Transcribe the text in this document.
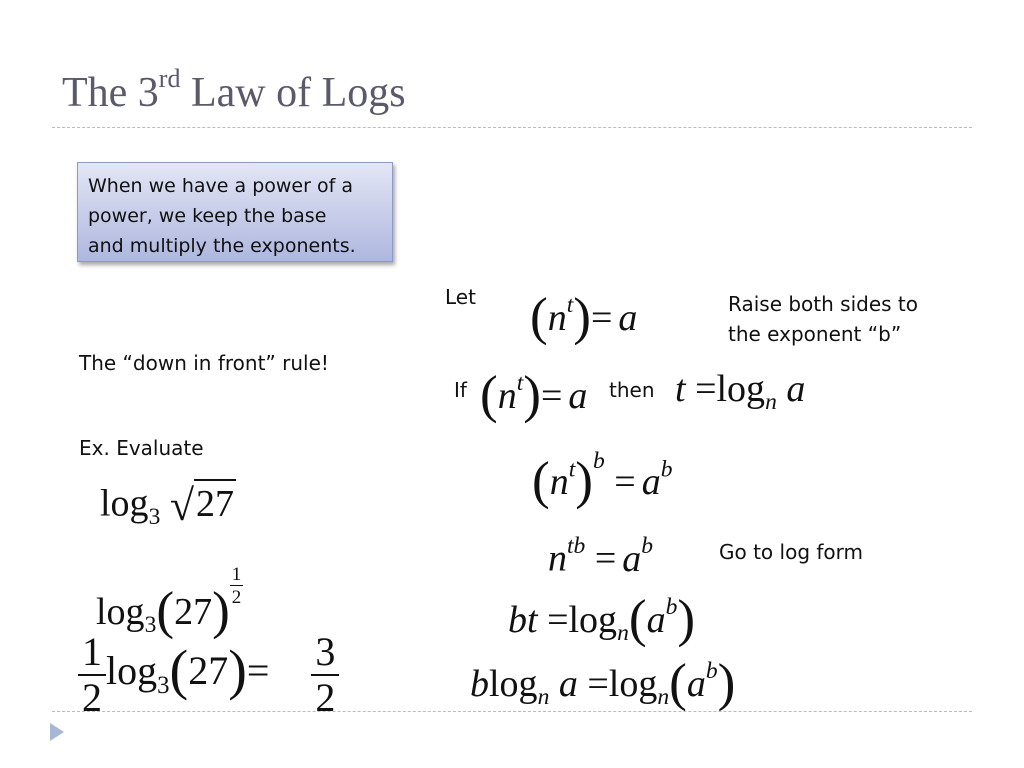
The 3rd Law of Logs
When we have a power of a
power, we keep the base
and multiply the exponents.
The “down in front” rule!
Ex. Evaluate
$\log_3 √27$
$\log_3(27) \frac{1}{2}$
$\frac{1}{2} \log_3(27)= \frac{3}{2}$
Let $(n^t)= a$	Raise both sides to
the exponent “b”
If $(n^t)= a$ then $t =\log_n$ a
$(n^t)^b = a^b$
$n^{tb} = a^b$	Go to log form
bt $=\log_n(a^b)$
blog$_n$ $a =\log_n(a^b)$
